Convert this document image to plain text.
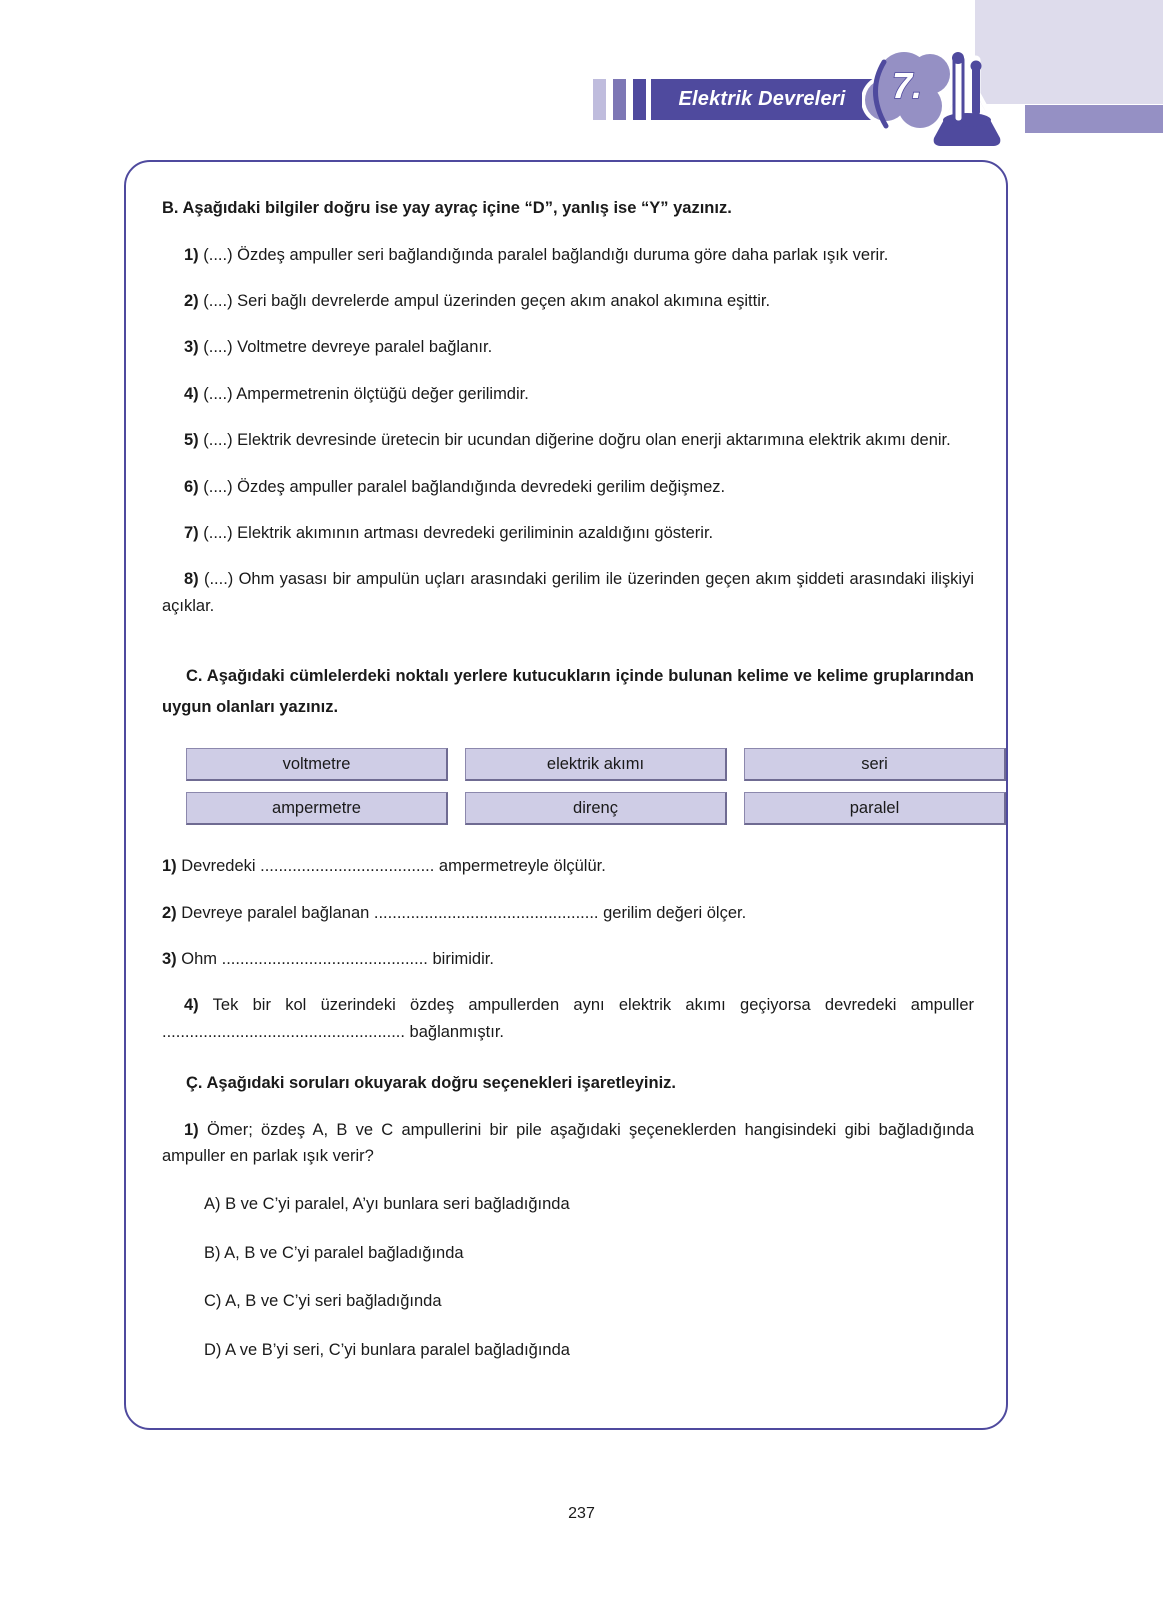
Elektrik Devreleri 7.
B. Aşağıdaki bilgiler doğru ise yay ayraç içine “D”, yanlış ise “Y” yazınız.
1) (....) Özdeş ampuller seri bağlandığında paralel bağlandığı duruma göre daha parlak ışık verir.
2) (....) Seri bağlı devrelerde ampul üzerinden geçen akım anakol akımına eşittir.
3) (....) Voltmetre devreye paralel bağlanır.
4) (....) Ampermetrenin ölçtüğü değer gerilimdir.
5) (....) Elektrik devresinde üretecin bir ucundan diğerine doğru olan enerji aktarımına elektrik akımı denir.
6) (....) Özdeş ampuller paralel bağlandığında devredeki gerilim değişmez.
7) (....) Elektrik akımının artması devredeki geriliminin azaldığını gösterir.
8) (....) Ohm yasası bir ampulün uçları arasındaki gerilim ile üzerinden geçen akım şiddeti arasındaki ilişkiyi açıklar.
C. Aşağıdaki cümlelerdeki noktalı yerlere kutucukların içinde bulunan kelime ve kelime gruplarından uygun olanları yazınız.
voltmetre	elektrik akımı	seri
ampermetre	direnç	paralel
1) Devredeki ...................................... ampermetreyle ölçülür.
2) Devreye paralel bağlanan ................................................. gerilim değeri ölçer.
3) Ohm ............................................. birimidir.
4) Tek bir kol üzerindeki özdeş ampullerden aynı elektrik akımı geçiyorsa devredeki ampuller ..................................................... bağlanmıştır.
Ç. Aşağıdaki soruları okuyarak doğru seçenekleri işaretleyiniz.
1) Ömer; özdeş A, B ve C ampullerini bir pile aşağıdaki şeçeneklerden hangisindeki gibi bağladığında ampuller en parlak ışık verir?
A) B ve C’yi paralel, A’yı bunlara seri bağladığında
B) A, B ve C’yi paralel bağladığında
C) A, B ve C’yi seri bağladığında
D) A ve B’yi seri, C’yi bunlara paralel bağladığında
237
